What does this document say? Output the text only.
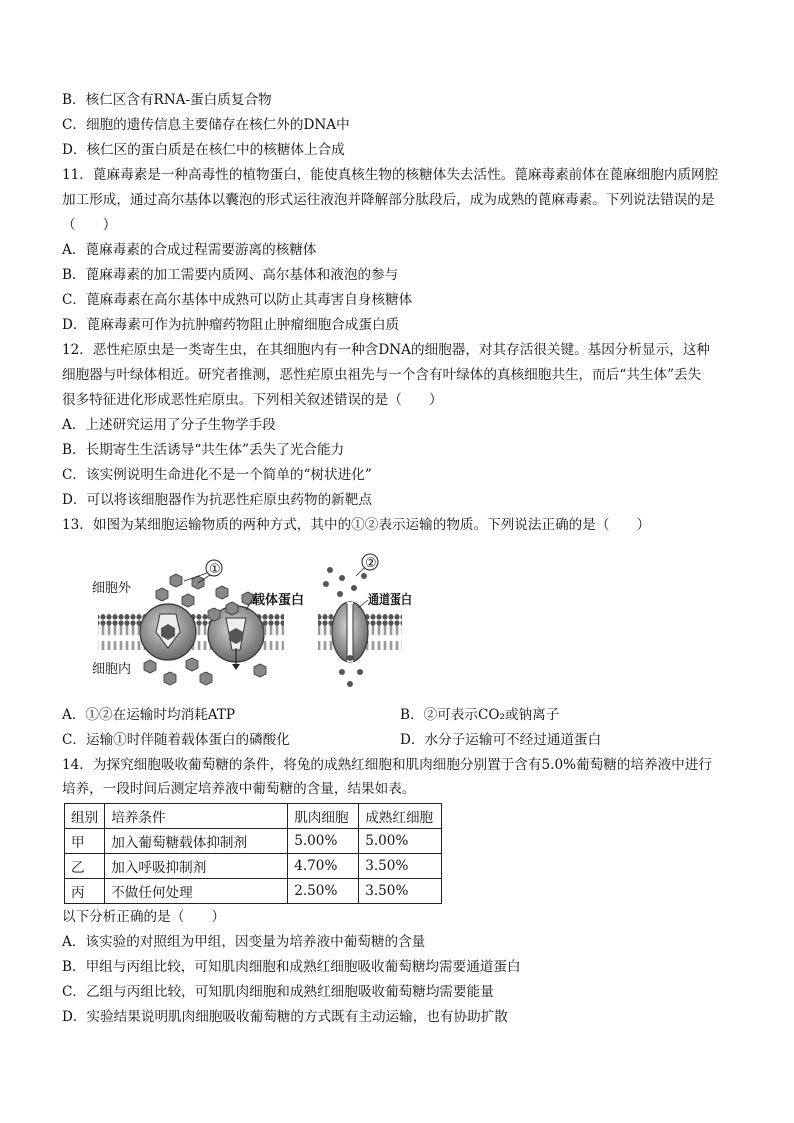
B．核仁区含有RNA-蛋白质复合物
C．细胞的遗传信息主要储存在核仁外的DNA中
D．核仁区的蛋白质是在核仁中的核糖体上合成
11．蓖麻毒素是一种高毒性的植物蛋白，能使真核生物的核糖体失去活性。蓖麻毒素前体在蓖麻细胞内质网腔
加工形成，通过高尔基体以囊泡的形式运往液泡并降解部分肽段后，成为成熟的蓖麻毒素。下列说法错误的是
（　　）
A．蓖麻毒素的合成过程需要游离的核糖体
B．蓖麻毒素的加工需要内质网、高尔基体和液泡的参与
C．蓖麻毒素在高尔基体中成熟可以防止其毒害自身核糖体
D．蓖麻毒素可作为抗肿瘤药物阻止肿瘤细胞合成蛋白质
12．恶性疟原虫是一类寄生虫，在其细胞内有一种含DNA的细胞器，对其存活很关键。基因分析显示，这种
细胞器与叶绿体相近。研究者推测，恶性疟原虫祖先与一个含有叶绿体的真核细胞共生，而后“共生体”丢失
很多特征进化形成恶性疟原虫。下列相关叙述错误的是（　　）
A．上述研究运用了分子生物学手段
B．长期寄生生活诱导“共生体”丢失了光合能力
C．该实例说明生命进化不是一个简单的“树状进化”
D．可以将该细胞器作为抗恶性疟原虫药物的新靶点
13．如图为某细胞运输物质的两种方式，其中的①②表示运输的物质。下列说法正确的是（　　）
细胞外
细胞内
①
载体蛋白
②
通道蛋白
A．①②在运输时均消耗ATP	B．②可表示CO₂或钠离子
C．运输①时伴随着载体蛋白的磷酸化	D．水分子运输可不经过通道蛋白
14．为探究细胞吸收葡萄糖的条件，将兔的成熟红细胞和肌肉细胞分别置于含有5.0%葡萄糖的培养液中进行
培养，一段时间后测定培养液中葡萄糖的含量，结果如表。
组别	培养条件	肌肉细胞	成熟红细胞
甲	加入葡萄糖载体抑制剂	5.00%	5.00%
乙	加入呼吸抑制剂	4.70%	3.50%
丙	不做任何处理	2.50%	3.50%
以下分析正确的是（　　）
A．该实验的对照组为甲组，因变量为培养液中葡萄糖的含量
B．甲组与丙组比较，可知肌肉细胞和成熟红细胞吸收葡萄糖均需要通道蛋白
C．乙组与丙组比较，可知肌肉细胞和成熟红细胞吸收葡萄糖均需要能量
D．实验结果说明肌肉细胞吸收葡萄糖的方式既有主动运输，也有协助扩散
